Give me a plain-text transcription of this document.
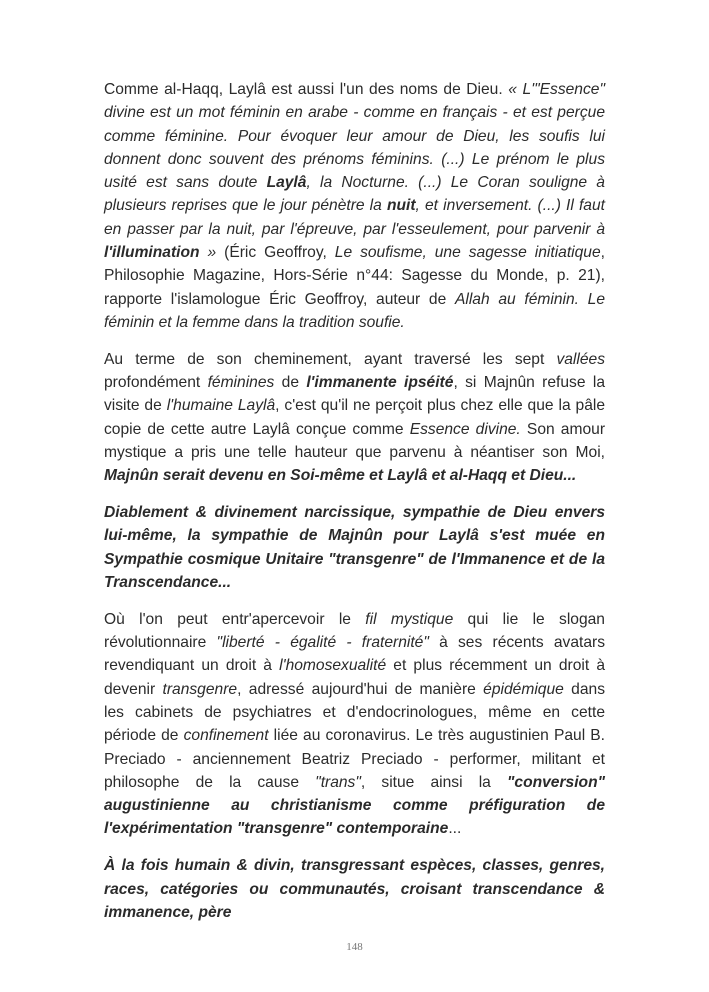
Comme al-Haqq, Laylâ est aussi l'un des noms de Dieu. « L'"Essence" divine est un mot féminin en arabe - comme en français - et est perçue comme féminine. Pour évoquer leur amour de Dieu, les soufis lui donnent donc souvent des prénoms féminins. (...) Le prénom le plus usité est sans doute Laylâ, la Nocturne. (...) Le Coran souligne à plusieurs reprises que le jour pénètre la nuit, et inversement. (...) Il faut en passer par la nuit, par l'épreuve, par l'esseulement, pour parvenir à l'illumination » (Éric Geoffroy, Le soufisme, une sagesse initiatique, Philosophie Magazine, Hors-Série n°44: Sagesse du Monde, p. 21), rapporte l'islamologue Éric Geoffroy, auteur de Allah au féminin. Le féminin et la femme dans la tradition soufie.

Au terme de son cheminement, ayant traversé les sept vallées profondément féminines de l'immanente ipséité, si Majnûn refuse la visite de l'humaine Laylâ, c'est qu'il ne perçoit plus chez elle que la pâle copie de cette autre Laylâ conçue comme Essence divine. Son amour mystique a pris une telle hauteur que parvenu à néantiser son Moi, Majnûn serait devenu en Soi-même et Laylâ et al-Haqq et Dieu...

Diablement & divinement narcissique, sympathie de Dieu envers lui-même, la sympathie de Majnûn pour Laylâ s'est muée en Sympathie cosmique Unitaire "transgenre" de l'Immanence et de la Transcendance...

Où l'on peut entr'apercevoir le fil mystique qui lie le slogan révolutionnaire "liberté - égalité - fraternité" à ses récents avatars revendiquant un droit à l'homosexualité et plus récemment un droit à devenir transgenre, adressé aujourd'hui de manière épidémique dans les cabinets de psychiatres et d'endocrinologues, même en cette période de confinement liée au coronavirus. Le très augustinien Paul B. Preciado - anciennement Beatriz Preciado - performer, militant et philosophe de la cause "trans", situe ainsi la "conversion" augustinienne au christianisme comme préfiguration de l'expérimentation "transgenre" contemporaine...

À la fois humain & divin, transgressant espèces, classes, genres, races, catégories ou communautés, croisant transcendance & immanence, père

148
